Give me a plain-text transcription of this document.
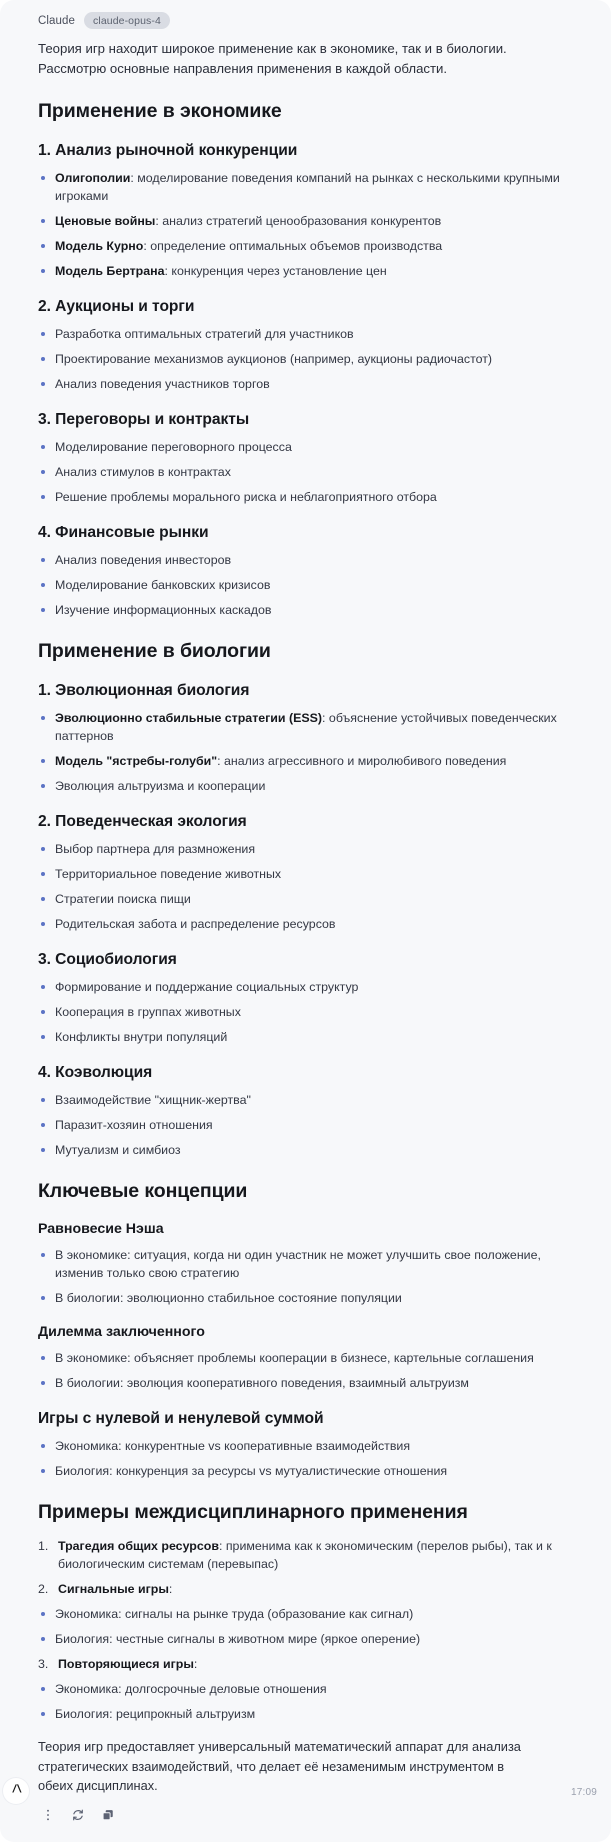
Claude	claude-opus-4

Теория игр находит широкое применение как в экономике, так и в биологии. Рассмотрю основные направления применения в каждой области.

Применение в экономике
1. Анализ рыночной конкуренции
Олигополии: моделирование поведения компаний на рынках с несколькими крупными игроками
Ценовые войны: анализ стратегий ценообразования конкурентов
Модель Курно: определение оптимальных объемов производства
Модель Бертрана: конкуренция через установление цен
2. Аукционы и торги
Разработка оптимальных стратегий для участников
Проектирование механизмов аукционов (например, аукционы радиочастот)
Анализ поведения участников торгов
3. Переговоры и контракты
Моделирование переговорного процесса
Анализ стимулов в контрактах
Решение проблемы морального риска и неблагоприятного отбора
4. Финансовые рынки
Анализ поведения инвесторов
Моделирование банковских кризисов
Изучение информационных каскадов
Применение в биологии
1. Эволюционная биология
Эволюционно стабильные стратегии (ESS): объяснение устойчивых поведенческих паттернов
Модель "ястребы-голуби": анализ агрессивного и миролюбивого поведения
Эволюция альтруизма и кооперации
2. Поведенческая экология
Выбор партнера для размножения
Территориальное поведение животных
Стратегии поиска пищи
Родительская забота и распределение ресурсов
3. Социобиология
Формирование и поддержание социальных структур
Кооперация в группах животных
Конфликты внутри популяций
4. Коэволюция
Взаимодействие "хищник-жертва"
Паразит-хозяин отношения
Мутуализм и симбиоз
Ключевые концепции
Равновесие Нэша
В экономике: ситуация, когда ни один участник не может улучшить свое положение, изменив только свою стратегию
В биологии: эволюционно стабильное состояние популяции
Дилемма заключенного
В экономике: объясняет проблемы кооперации в бизнесе, картельные соглашения
В биологии: эволюция кооперативного поведения, взаимный альтруизм
Игры с нулевой и ненулевой суммой
Экономика: конкурентные vs кооперативные взаимодействия
Биология: конкуренция за ресурсы vs мутуалистические отношения
Примеры междисциплинарного применения
Трагедия общих ресурсов: применима как к экономическим (перелов рыбы), так и к биологическим системам (перевыпас)
Сигнальные игры:
Экономика: сигналы на рынке труда (образование как сигнал)
Биология: честные сигналы в животном мире (яркое оперение)
Повторяющиеся игры:
Экономика: долгосрочные деловые отношения
Биология: реципрокный альтруизм

Теория игр предоставляет универсальный математический аппарат для анализа стратегических взаимодействий, что делает её незаменимым инструментом в обеих дисциплинах.	17:09
